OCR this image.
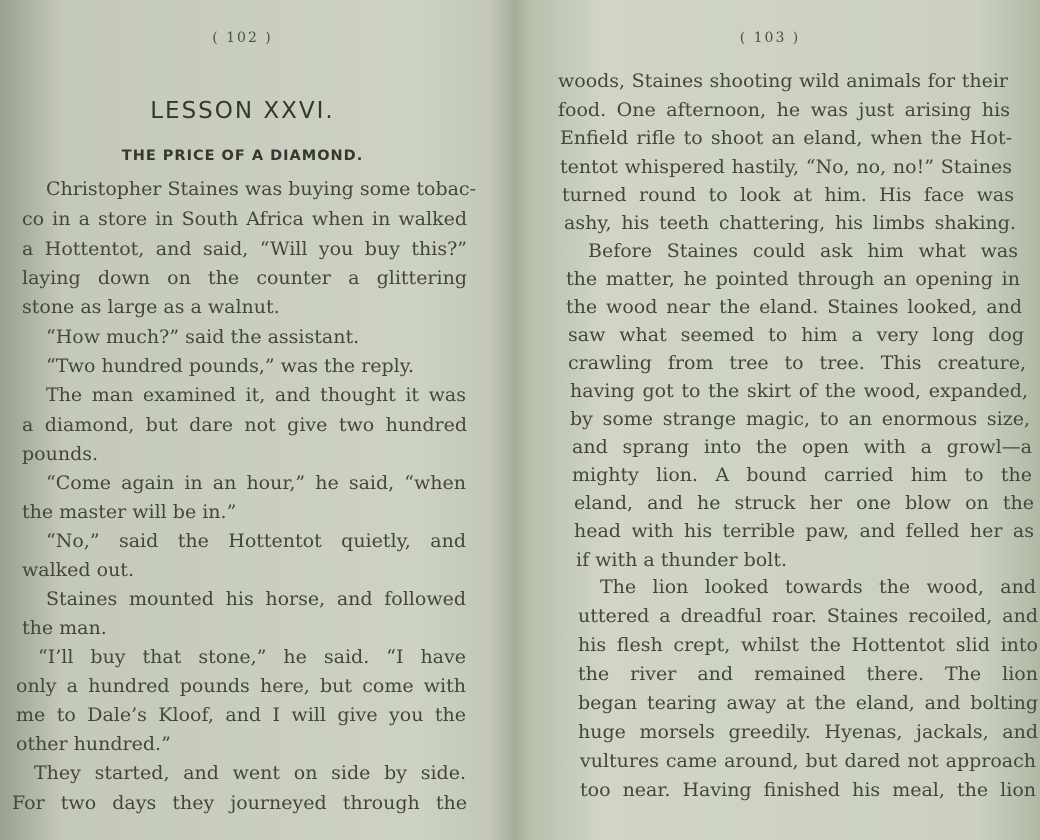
( 102 )
LESSON XXVI.
THE PRICE OF A DIAMOND.
Christopher Staines was buying some tobac-
co in a store in South Africa when in walked
a Hottentot, and said, “Will you buy this?”
laying down on the counter a glittering
stone as large as a walnut.
“How much?” said the assistant.
“Two hundred pounds,” was the reply.
The man examined it, and thought it was
a diamond, but dare not give two hundred
pounds.
“Come again in an hour,” he said, “when
the master will be in.”
“No,” said the Hottentot quietly, and
walked out.
Staines mounted his horse, and followed
the man.
“I’ll buy that stone,” he said. “I have
only a hundred pounds here, but come with
me to Dale’s Kloof, and I will give you the
other hundred.”
They started, and went on side by side.
For two days they journeyed through the
( 103 )
woods, Staines shooting wild animals for their
food. One afternoon, he was just arising his
Enfield rifle to shoot an eland, when the Hot-
tentot whispered hastily, “No, no, no!” Staines
turned round to look at him. His face was
ashy, his teeth chattering, his limbs shaking.
Before Staines could ask him what was
the matter, he pointed through an opening in
the wood near the eland. Staines looked, and
saw what seemed to him a very long dog
crawling from tree to tree. This creature,
having got to the skirt of the wood, expanded,
by some strange magic, to an enormous size,
and sprang into the open with a growl—a
mighty lion. A bound carried him to the
eland, and he struck her one blow on the
head with his terrible paw, and felled her as
if with a thunder bolt.
The lion looked towards the wood, and
uttered a dreadful roar. Staines recoiled, and
his flesh crept, whilst the Hottentot slid into
the river and remained there. The lion
began tearing away at the eland, and bolting
huge morsels greedily. Hyenas, jackals, and
vultures came around, but dared not approach
too near. Having finished his meal, the lion
